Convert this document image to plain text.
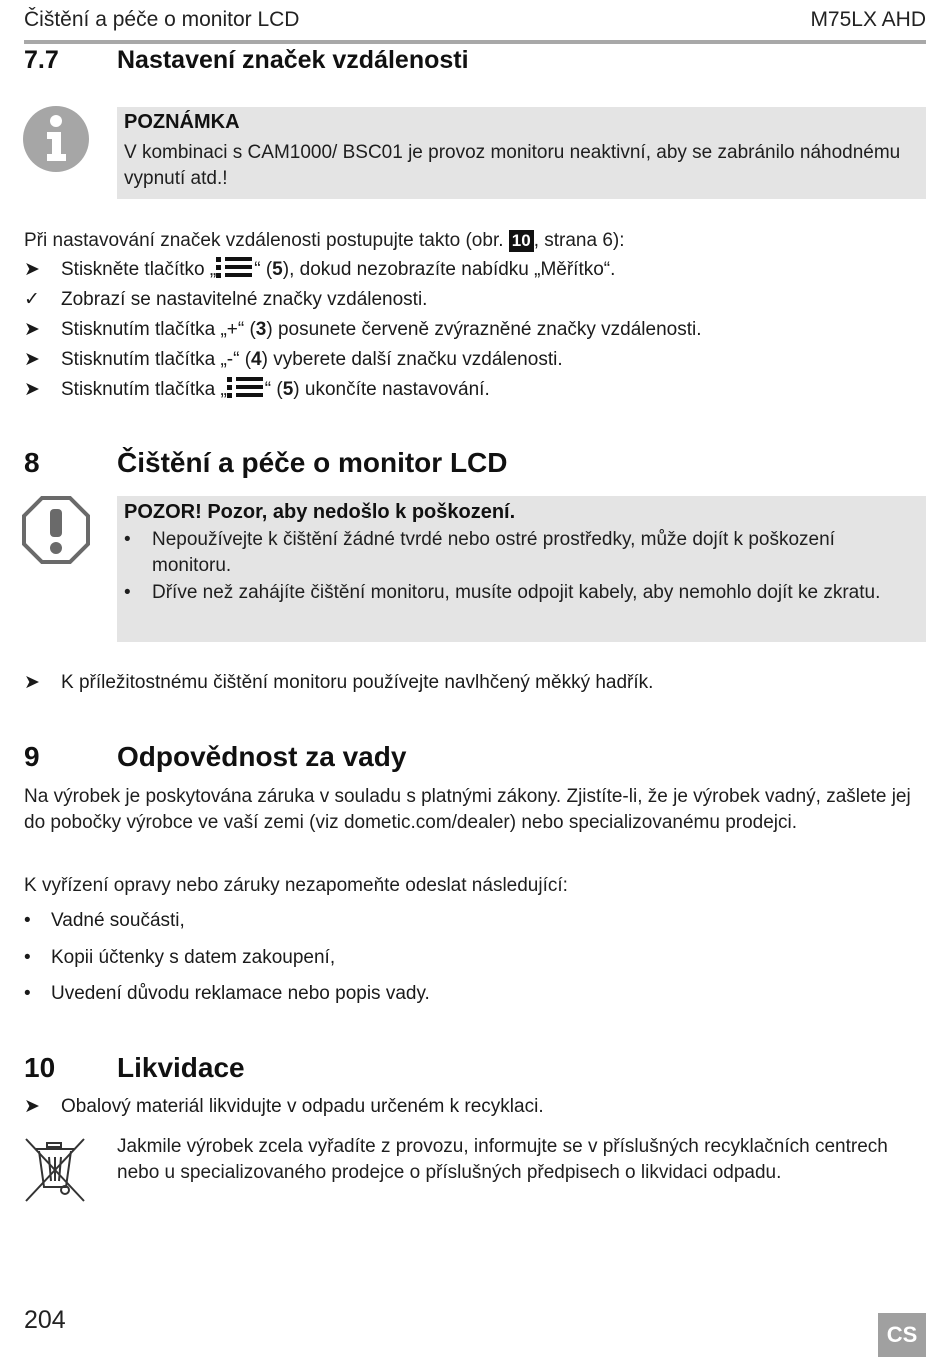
Čištění a péče o monitor LCD	M75LX AHD
7.7 Nastavení značek vzdálenosti
POZNÁMKA
V kombinaci s CAM1000/ BSC01 je provoz monitoru neaktivní, aby se zabránilo náhodnému vypnutí atd.!
Při nastavování značek vzdálenosti postupujte takto (obr. 10 , strana 6):
➤ Stiskněte tlačítko „ “ (5), dokud nezobrazíte nabídku „Měřítko“.
✓ Zobrazí se nastavitelné značky vzdálenosti.
➤ Stisknutím tlačítka „+“ (3) posunete červeně zvýrazněné značky vzdálenosti.
➤ Stisknutím tlačítka „-“ (4) vyberete další značku vzdálenosti.
➤ Stisknutím tlačítka „ “ (5) ukončíte nastavování.
8	Čištění a péče o monitor LCD
POZOR! Pozor, aby nedošlo k poškození.
•	Nepoužívejte k čištění žádné tvrdé nebo ostré prostředky, může dojít k poškození monitoru.
•	Dříve než zahájíte čištění monitoru, musíte odpojit kabely, aby nemohlo dojít ke zkratu.
➤ K příležitostnému čištění monitoru používejte navlhčený měkký hadřík.
9	Odpovědnost za vady
Na výrobek je poskytována záruka v souladu s platnými zákony. Zjistíte-li, že je výrobek vadný, zašlete jej do pobočky výrobce ve vaší zemi (viz dometic.com/dealer) nebo specializovanému prodejci.
K vyřízení opravy nebo záruky nezapomeňte odeslat následující:
• Vadné součásti,
• Kopii účtenky s datem zakoupení,
• Uvedení důvodu reklamace nebo popis vady.
10 Likvidace
➤ Obalový materiál likvidujte v odpadu určeném k recyklaci.
Jakmile výrobek zcela vyřadíte z provozu, informujte se v příslušných recyklačních centrech nebo u specializovaného prodejce o příslušných předpisech o likvidaci odpadu.
204
CS
